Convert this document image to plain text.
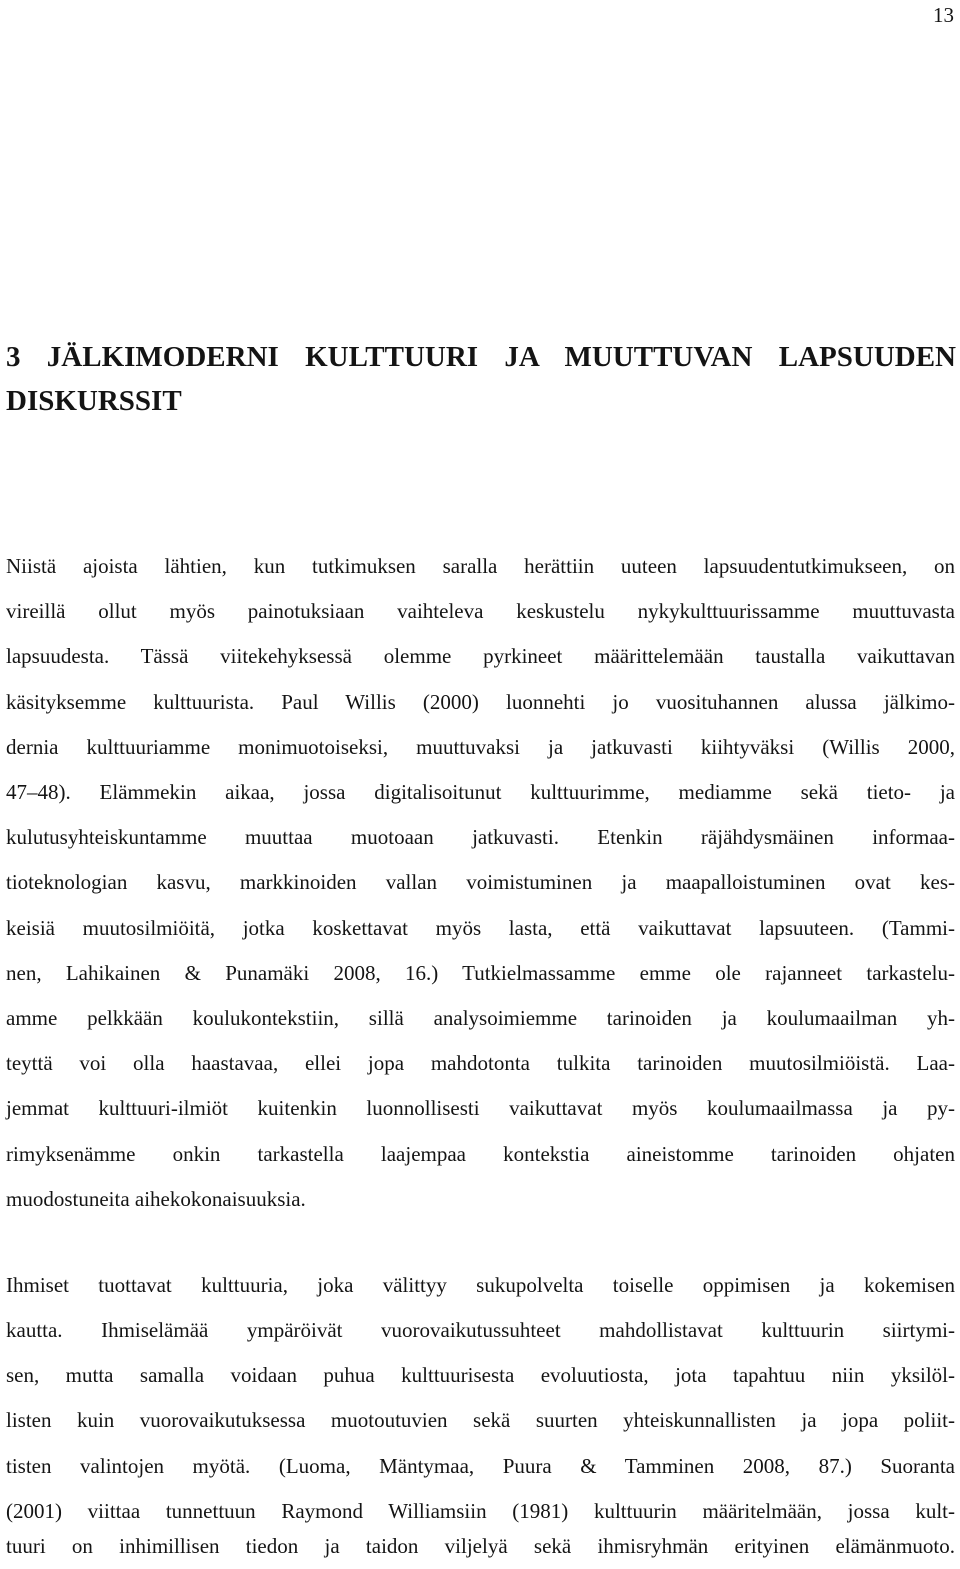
13
3 JÄLKIMODERNI KULTTUURI JA MUUTTUVAN LAPSUUDEN DISKURSSIT

Niistä ajoista lähtien, kun tutkimuksen saralla herättiin uuteen lapsuudentutkimukseen, on

vireillä ollut myös painotuksiaan vaihteleva keskustelu nykykulttuurissamme muuttuvasta

lapsuudesta. Tässä viitekehyksessä olemme pyrkineet määrittelemään taustalla vaikuttavan

käsityksemme kulttuurista. Paul Willis (2000) luonnehti jo vuosituhannen alussa jälkimo-

dernia kulttuuriamme monimuotoiseksi, muuttuvaksi ja jatkuvasti kiihtyväksi (Willis 2000,

47–48). Elämmekin aikaa, jossa digitalisoitunut kulttuurimme, mediamme sekä tieto- ja

kulutusyhteiskuntamme muuttaa muotoaan jatkuvasti. Etenkin räjähdysmäinen informaa-

tioteknologian kasvu, markkinoiden vallan voimistuminen ja maapalloistuminen ovat kes-

keisiä muutosilmiöitä, jotka koskettavat myös lasta, että vaikuttavat lapsuuteen. (Tammi-

nen, Lahikainen & Punamäki 2008, 16.) Tutkielmassamme emme ole rajanneet tarkastelu-

amme pelkkään koulukontekstiin, sillä analysoimiemme tarinoiden ja koulumaailman yh-

teyttä voi olla haastavaa, ellei jopa mahdotonta tulkita tarinoiden muutosilmiöistä. Laa-

jemmat kulttuuri-ilmiöt kuitenkin luonnollisesti vaikuttavat myös koulumaailmassa ja py-

rimyksenämme onkin tarkastella laajempaa kontekstia aineistomme tarinoiden ohjaten

muodostuneita aihekokonaisuuksia.

Ihmiset tuottavat kulttuuria, joka välittyy sukupolvelta toiselle oppimisen ja kokemisen

kautta. Ihmiselämää ympäröivät vuorovaikutussuhteet mahdollistavat kulttuurin siirtymi-

sen, mutta samalla voidaan puhua kulttuurisesta evoluutiosta, jota tapahtuu niin yksilöl-

listen kuin vuorovaikutuksessa muotoutuvien sekä suurten yhteiskunnallisten ja jopa poliit-

tisten valintojen myötä. (Luoma, Mäntymaa, Puura & Tamminen 2008, 87.) Suoranta

(2001) viittaa tunnettuun Raymond Williamsiin (1981) kulttuurin määritelmään, jossa kult-

tuuri on inhimillisen tiedon ja taidon viljelyä sekä ihmisryhmän erityinen elämänmuoto.
